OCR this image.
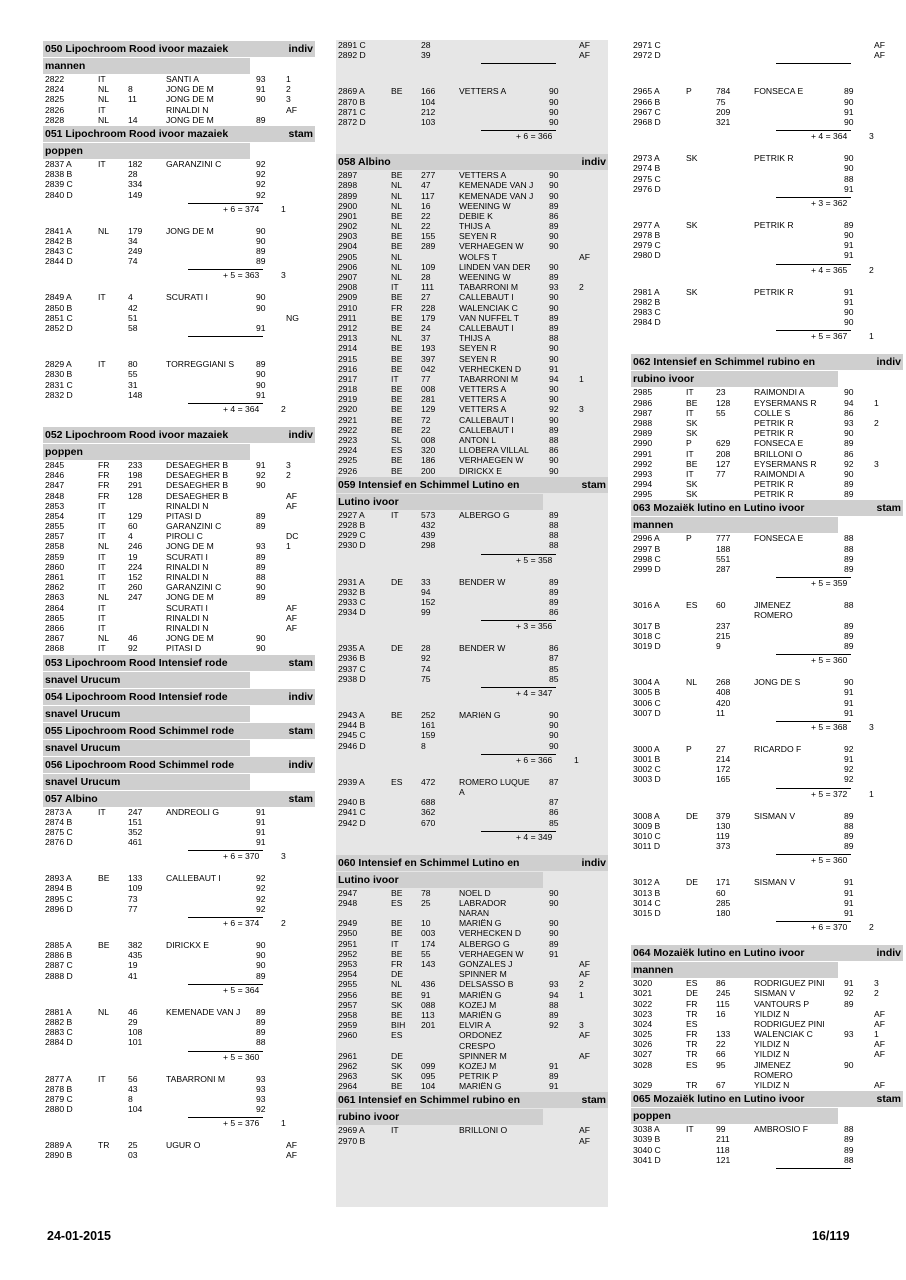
050 Lipochroom Rood ivoor mazaiek	indiv
mannen
2822	IT	SANTI A	93 1
2824	NL 8	JONG DE M	91 2
2825	NL 11	JONG DE M	90 3
2826	IT	RINALDI N	AF
2828	NL 14	JONG DE M	89
051 Lipochroom Rood ivoor mazaiek	stam
poppen
2837 A	IT	182	GARANZINI C	92
2838 B	28	92
2839 C	334	92
2840 D	149	92
+ 6 = 374	1
2841 A	NL 179	JONG DE M	90
2842 B	34	90
2843 C	249	89
2844 D	74	89
+ 5 = 363	3
2849 A	IT	4	SCURATI I	90
2850 B	42	90
2851 C	51	NG
2852 D	58	91
2829 A	IT	80	TORREGGIANI S	89
2830 B	55	90
2831 C	31	90
2832 D	148	91
+ 4 = 364	2
052 Lipochroom Rood ivoor mazaiek	indiv
poppen
2845	FR 233	DESAEGHER B	91 3
2846	FR 198	DESAEGHER B	92 2
2847	FR 291	DESAEGHER B	90
2848	FR 128	DESAEGHER B	AF
2853	IT	RINALDI N	AF
2854	IT	129	PITASI D	89
2855	IT	60	GARANZINI C	89
2857	IT	4	PIROLI C	DC
2858	NL 246	JONG DE M	93 1
2859	IT	19	SCURATI I	89
2860	IT	224	RINALDI N	89
2861	IT	152	RINALDI N	88
2862	IT	260	GARANZINI C	90
2863	NL 247	JONG DE M	89
2864	IT	SCURATI I	AF
2865	IT	RINALDI N	AF
2866	IT	RINALDI N	AF
2867	NL 46	JONG DE M	90
2868	IT	92	PITASI D	90
053 Lipochroom Rood Intensief rode	stam
snavel Urucum
054 Lipochroom Rood Intensief rode	indiv
snavel Urucum
055 Lipochroom Rood Schimmel rode	stam
snavel Urucum
056 Lipochroom Rood Schimmel rode	indiv
snavel Urucum
057 Albino	stam
2873 A	IT	247	ANDREOLI G	91
2874 B	151	91
2875 C	352	91
2876 D	461	91
+ 6 = 370	3
2893 A	BE 133	CALLEBAUT I	92
2894 B	109	92
2895 C	73	92
2896 D	77	92
+ 6 = 374	2
2885 A	BE 382	DIRICKX E	90
2886 B	435	90
2887 C	19	90
2888 D	41	89
+ 5 = 364
2881 A	NL 46	KEMENADE VAN J 89
2882 B	29	89
2883 C	108	89
2884 D	101	88
+ 5 = 360
2877 A	IT	56	TABARRONI M	93
2878 B	43	93
2879 C	8	93
2880 D	104	92
+ 5 = 376	1
2889 A	TR 25	UGUR O	AF
2890 B	03	AF
2891 C	28	AF
2892 D	39	AF
2869 A	BE 166	VETTERS A	90
2870 B	104	90
2871 C	212	90
2872 D	103	90
+ 6 = 366
058 Albino	indiv
2897	BE 277	VETTERS A	90
2898	NL 47	KEMENADE VAN J 90
2899	NL 117	KEMENADE VAN J 90
2900	NL 16	WEENING W	89
2901	BE 22	DEBIE K	86
2902	NL 22	THIJS A	89
2903	BE 155	SEYEN R	90
2904	BE 289	VERHAEGEN W	90
2905	NL	WOLFS T	AF
2906	NL 109	LINDEN VAN DER 90
2907	NL 28	WEENING W	89
2908	IT	111	TABARRONI M	93 2
2909	BE 27	CALLEBAUT I	90
2910	FR 228	WALENCIAK C	90
2911	BE 179	VAN NUFFEL T	89
2912	BE 24	CALLEBAUT I	89
2913	NL 37	THIJS A	88
2914	BE 193	SEYEN R	90
2915	BE 397	SEYEN R	90
2916	BE 042	VERHECKEN D	91
2917	IT	77	TABARRONI M	94 1
2918	BE 008	VETTERS A	90
2919	BE 281	VETTERS A	90
2920	BE 129	VETTERS A	92 3
2921	BE 72	CALLEBAUT I	90
2922	BE 22	CALLEBAUT I	89
2923	SL 008	ANTON L	88
2924	ES 320	LLOBERA VILLAL 86
2925	BE 186	VERHAEGEN W	90
2926	BE 200	DIRICKX E	90
059 Intensief en Schimmel Lutino en	stam
Lutino ivoor
2927 A	IT	573	ALBERGO G	89
2928 B	432	88
2929 C	439	88
2930 D	298	88
+ 5 = 358
2931 A	DE 33	BENDER W	89
2932 B	94	89
2933 C	152	89
2934 D	99	86
+ 3 = 356
2935 A	DE 28	BENDER W	86
2936 B	92	87
2937 C	74	85
2938 D	75	85
+ 4 = 347
2943 A	BE 252	MARIëN G	90
2944 B	161	90
2945 C	159	90
2946 D	8	90
+ 6 = 366	1
2939 A	ES 472	ROMERO LUQUE 87
A
2940 B	688	87
2941 C	362	86
2942 D	670	85
+ 4 = 349
060 Intensief en Schimmel Lutino en	indiv
Lutino ivoor
2947	BE 78	NOEL D	90
2948	ES 25	LABRADOR	90
NARAN
2949	BE 10	MARIËN G	90
2950	BE 003	VERHECKEN D	90
2951	IT	174	ALBERGO G	89
2952	BE 55	VERHAEGEN W	91
2953	FR 143	GONZALES J	AF
2954	DE	SPINNER M	AF
2955	NL 436	DELSASSO B	93 2
2956	BE 91	MARIËN G	94 1
2957	SK 088	KOZEJ M	88
2958	BE 113	MARIËN G	89
2959	BIH 201	ELVIR A	92 3
2960	ES	ORDONEZ	AF
CRESPO
2961	DE	SPINNER M	AF
2962	SK 099	KOZEJ M	91
2963	SK 095	PETRIK P	89
2964	BE 104	MARIËN G	91
061 Intensief en Schimmel rubino en	stam
rubino ivoor
2969 A	IT	BRILLONI O	AF
2970 B	AF
2971 C	AF
2972 D	AF
2965 A	P	784	FONSECA E	89
2966 B	75	90
2967 C	209	91
2968 D	321	90
+ 4 = 364	3
2973 A	SK	PETRIK R	90
2974 B	90
2975 C	88
2976 D	91
+ 3 = 362
2977 A	SK	PETRIK R	89
2978 B	90
2979 C	91
2980 D	91
+ 4 = 365	2
2981 A	SK	PETRIK R	91
2982 B	91
2983 C	90
2984 D	90
+ 5 = 367	1
062 Intensief en Schimmel rubino en	indiv
rubino ivoor
2985	IT	23	RAIMONDI A	90
2986	BE 128	EYSERMANS R	94 1
2987	IT	55	COLLE S	86
2988	SK	PETRIK R	93 2
2989	SK	PETRIK R	90
2990	P	629	FONSECA E	89
2991	IT	208	BRILLONI O	86
2992	BE 127	EYSERMANS R	92 3
2993	IT	77	RAIMONDI A	90
2994	SK	PETRIK R	89
2995	SK	PETRIK R	89
063 Mozaiëk lutino en Lutino ivoor	stam
mannen
2996 A	P	777	FONSECA E	88
2997 B	188	88
2998 C	551	89
2999 D	287	89
+ 5 = 359
3016 A	ES 60	JIMENEZ	88
ROMERO
3017 B	237	89
3018 C	215	89
3019 D	9	89
+ 5 = 360
3004 A	NL 268	JONG DE S	90
3005 B	408	91
3006 C	420	91
3007 D	11	91
+ 5 = 368	3
3000 A	P	27	RICARDO F	92
3001 B	214	91
3002 C	172	92
3003 D	165	92
+ 5 = 372	1
3008 A	DE 379	SISMAN V	89
3009 B	130	88
3010 C	119	89
3011 D	373	89
+ 5 = 360
3012 A	DE 171	SISMAN V	91
3013 B	60	91
3014 C	285	91
3015 D	180	91
+ 6 = 370	2
064 Mozaiëk lutino en Lutino ivoor	indiv
mannen
3020	ES 86	RODRIGUEZ PINI 91 3
3021	DE 245	SISMAN V	92 2
3022	FR 115	VANTOURS P	89
3023	TR 16	YILDIZ N	AF
3024	ES	RODRIGUEZ PINI	AF
3025	FR 133	WALENCIAK C	93 1
3026	TR 22	YILDIZ N	AF
3027	TR 66	YILDIZ N	AF
3028	ES 95	JIMENEZ	90
ROMERO
3029	TR 67	YILDIZ N	AF
065 Mozaiëk lutino en Lutino ivoor	stam
poppen
3038 A	IT	99	AMBROSIO F	88
3039 B	211	89
3040 C	118	89
3041 D	121	88
24-01-2015	16/119
